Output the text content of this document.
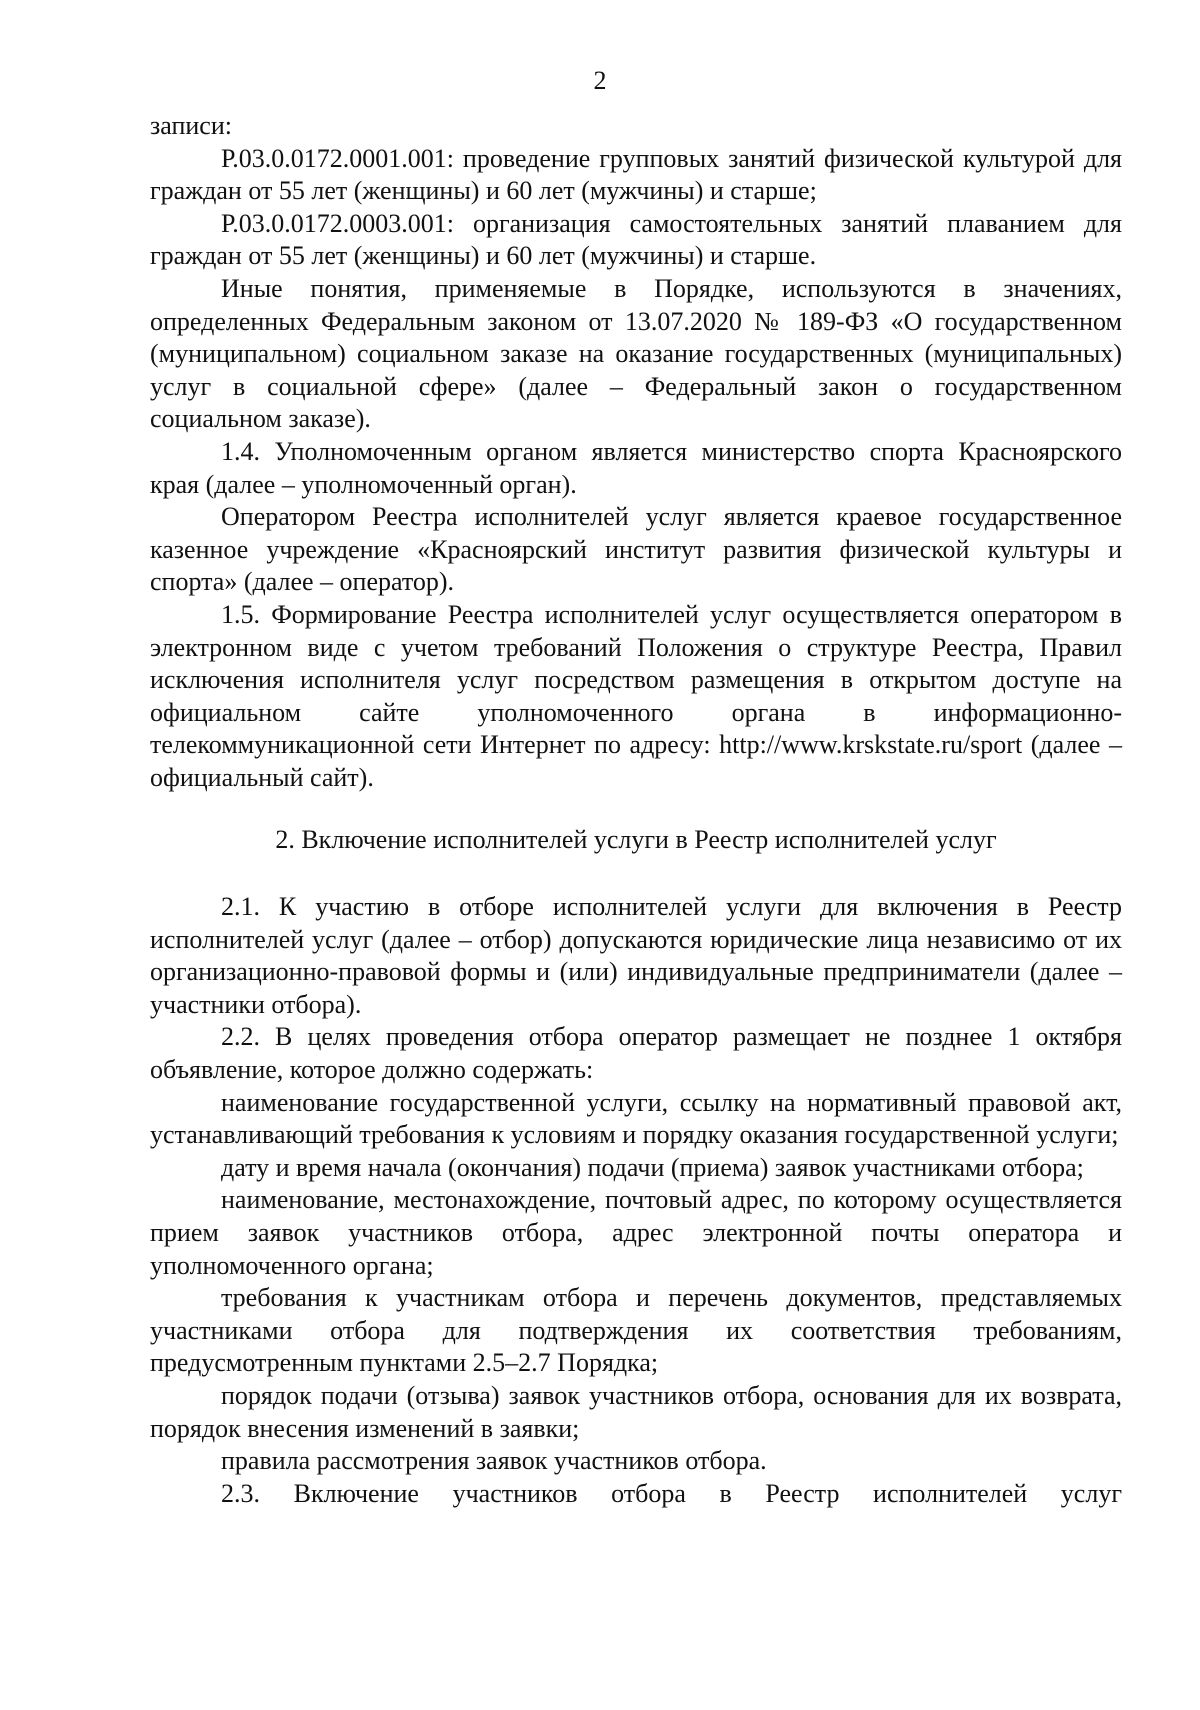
2

записи:

Р.03.0.0172.0001.001: проведение групповых занятий физической культурой для граждан от 55 лет (женщины) и 60 лет (мужчины) и старше;

Р.03.0.0172.0003.001: организация самостоятельных занятий плаванием для граждан от 55 лет (женщины) и 60 лет (мужчины) и старше.

Иные понятия, применяемые в Порядке, используются в значениях, определенных Федеральным законом от 13.07.2020 № 189-ФЗ «О государственном (муниципальном) социальном заказе на оказание государственных (муниципальных) услуг в социальной сфере» (далее – Федеральный закон о государственном социальном заказе).

1.4. Уполномоченным органом является министерство спорта Красноярского края (далее – уполномоченный орган).

Оператором Реестра исполнителей услуг является краевое государственное казенное учреждение «Красноярский институт развития физической культуры и спорта» (далее – оператор).

1.5. Формирование Реестра исполнителей услуг осуществляется оператором в электронном виде с учетом требований Положения о структуре Реестра, Правил исключения исполнителя услуг посредством размещения в открытом доступе на официальном сайте уполномоченного органа в информационно-телекоммуникационной сети Интернет по адресу: http://www.krskstate.ru/sport (далее – официальный сайт).

2. Включение исполнителей услуги в Реестр исполнителей услуг

2.1. К участию в отборе исполнителей услуги для включения в Реестр исполнителей услуг (далее – отбор) допускаются юридические лица независимо от их организационно-правовой формы и (или) индивидуальные предприниматели (далее – участники отбора).

2.2. В целях проведения отбора оператор размещает не позднее 1 октября объявление, которое должно содержать:

наименование государственной услуги, ссылку на нормативный правовой акт, устанавливающий требования к условиям и порядку оказания государственной услуги;

дату и время начала (окончания) подачи (приема) заявок участниками отбора;

наименование, местонахождение, почтовый адрес, по которому осуществляется прием заявок участников отбора, адрес электронной почты оператора и уполномоченного органа;

требования к участникам отбора и перечень документов, представляемых участниками отбора для подтверждения их соответствия требованиям, предусмотренным пунктами 2.5–2.7 Порядка;

порядок подачи (отзыва) заявок участников отбора, основания для их возврата, порядок внесения изменений в заявки;

правила рассмотрения заявок участников отбора.

2.3. Включение участников отбора в Реестр исполнителей услуг
